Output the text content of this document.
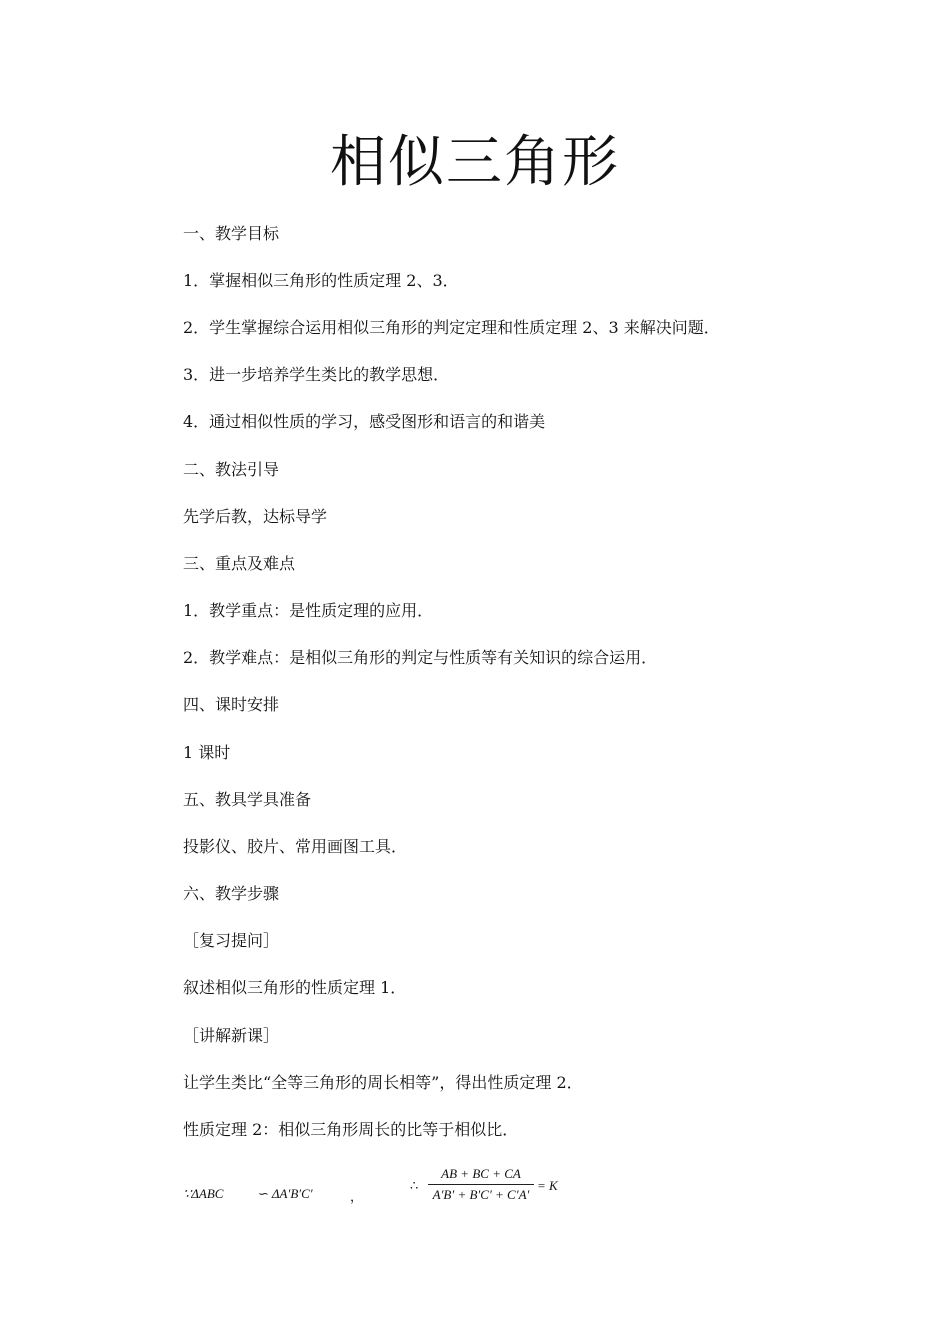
相似三角形
一、教学目标
1．掌握相似三角形的性质定理 2、3．
2．学生掌握综合运用相似三角形的判定定理和性质定理 2、3 来解决问题．
3．进一步培养学生类比的教学思想．
4．通过相似性质的学习，感受图形和语言的和谐美
二、教法引导
先学后教，达标导学
三、重点及难点
1．教学重点：是性质定理的应用．
2．教学难点：是相似三角形的判定与性质等有关知识的综合运用．
四、课时安排
1 课时
五、教具学具准备
投影仪、胶片、常用画图工具．
六、教学步骤
［复习提问］
叙述相似三角形的性质定理 1．
［讲解新课］
让学生类比“全等三角形的周长相等”，得出性质定理 2．
性质定理 2：相似三角形周长的比等于相似比．
∵ΔABC	∽ ΔA′B′C′	，
∴
AB + BC + CA
A′B′ + B′C′ + C′A′
= K
